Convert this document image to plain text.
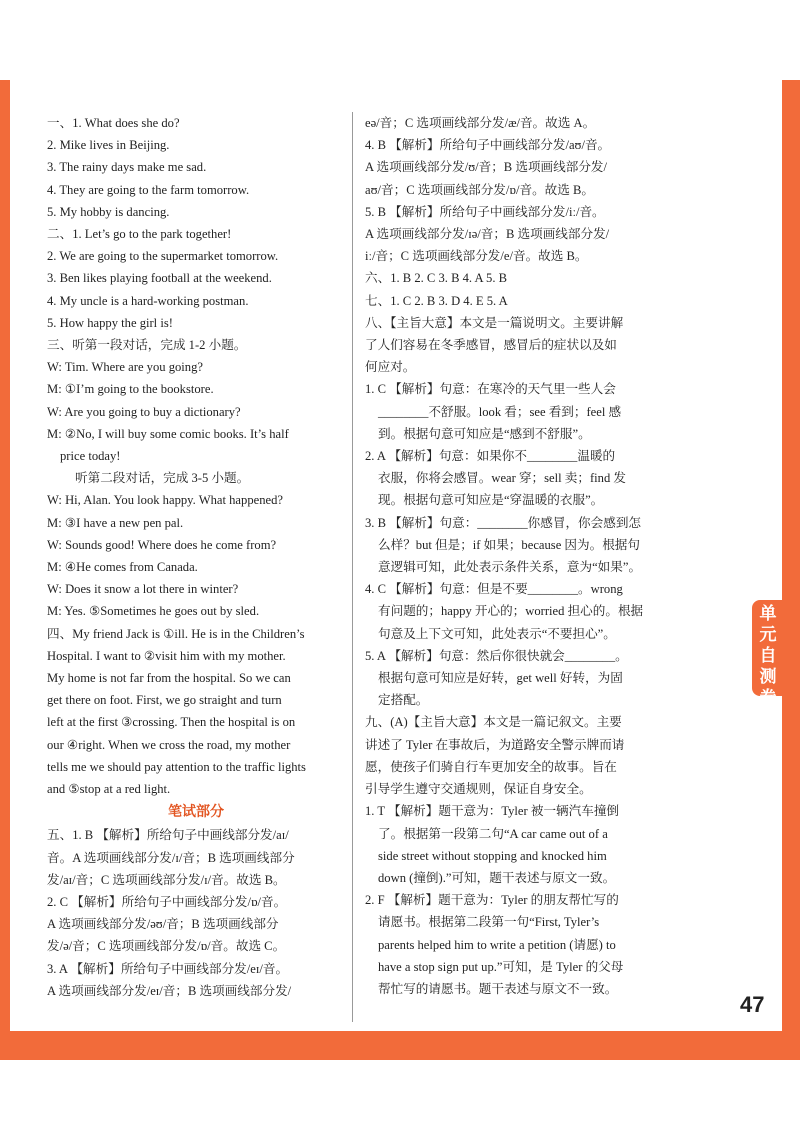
一、1. What does she do?
2. Mike lives in Beijing.
3. The rainy days make me sad.
4. They are going to the farm tomorrow.
5. My hobby is dancing.
二、1. Let’s go to the park together!
2. We are going to the supermarket tomorrow.
3. Ben likes playing football at the weekend.
4. My uncle is a hard-working postman.
5. How happy the girl is!
三、听第一段对话，完成 1-2 小题。
W: Tim. Where are you going?
M: ①I’m going to the bookstore.
W: Are you going to buy a dictionary?
M: ②No, I will buy some comic books. It’s half
price today!
听第二段对话，完成 3-5 小题。
W: Hi, Alan. You look happy. What happened?
M: ③I have a new pen pal.
W: Sounds good! Where does he come from?
M: ④He comes from Canada.
W: Does it snow a lot there in winter?
M: Yes. ⑤Sometimes he goes out by sled.
四、My friend Jack is ①ill. He is in the Children’s
Hospital. I want to ②visit him with my mother.
My home is not far from the hospital. So we can
get there on foot. First, we go straight and turn
left at the first ③crossing. Then the hospital is on
our ④right. When we cross the road, my mother
tells me we should pay attention to the traffic lights
and ⑤stop at a red light.
笔试部分
五、1. B 【解析】所给句子中画线部分发/aɪ/
音。A 选项画线部分发/ɪ/音；B 选项画线部分
发/aɪ/音；C 选项画线部分发/ɪ/音。故选 B。
2. C 【解析】所给句子中画线部分发/ɒ/音。
A 选项画线部分发/əʊ/音；B 选项画线部分
发/ə/音；C 选项画线部分发/ɒ/音。故选 C。
3. A 【解析】所给句子中画线部分发/eɪ/音。
A 选项画线部分发/eɪ/音；B 选项画线部分发/
eə/音；C 选项画线部分发/æ/音。故选 A。
4. B 【解析】所给句子中画线部分发/aʊ/音。
A 选项画线部分发/ʊ/音；B 选项画线部分发/
aʊ/音；C 选项画线部分发/ɒ/音。故选 B。
5. B 【解析】所给句子中画线部分发/iː/音。
A 选项画线部分发/ɪə/音；B 选项画线部分发/
iː/音；C 选项画线部分发/e/音。故选 B。
六、1. B 2. C 3. B 4. A 5. B
七、1. C 2. B 3. D 4. E 5. A
八、【主旨大意】本文是一篇说明文。主要讲解
了人们容易在冬季感冒，感冒后的症状以及如
何应对。
1. C 【解析】句意：在寒冷的天气里一些人会
________不舒服。look 看；see 看到；feel 感
到。根据句意可知应是“感到不舒服”。
2. A 【解析】句意：如果你不________温暖的
衣服，你将会感冒。wear 穿；sell 卖；find 发
现。根据句意可知应是“穿温暖的衣服”。
3. B 【解析】句意：________你感冒，你会感到怎
么样？but 但是；if 如果；because 因为。根据句
意逻辑可知，此处表示条件关系，意为“如果”。
4. C 【解析】句意：但是不要________。wrong
有问题的；happy 开心的；worried 担心的。根据
句意及上下文可知，此处表示“不要担心”。
5. A 【解析】句意：然后你很快就会________。
根据句意可知应是好转，get well 好转，为固
定搭配。
九、(A)【主旨大意】本文是一篇记叙文。主要
讲述了 Tyler 在事故后，为道路安全警示牌而请
愿，使孩子们骑自行车更加安全的故事。旨在
引导学生遵守交通规则，保证自身安全。
1. T 【解析】题干意为：Tyler 被一辆汽车撞倒
了。根据第一段第二句“A car came out of a
side street without stopping and knocked him
down (撞倒).”可知，题干表述与原文一致。
2. F 【解析】题干意为：Tyler 的朋友帮忙写的
请愿书。根据第二段第一句“First, Tyler’s
parents helped him to write a petition (请愿) to
have a stop sign put up.”可知，是 Tyler 的父母
帮忙写的请愿书。题干表述与原文不一致。
47
单元自测卷
